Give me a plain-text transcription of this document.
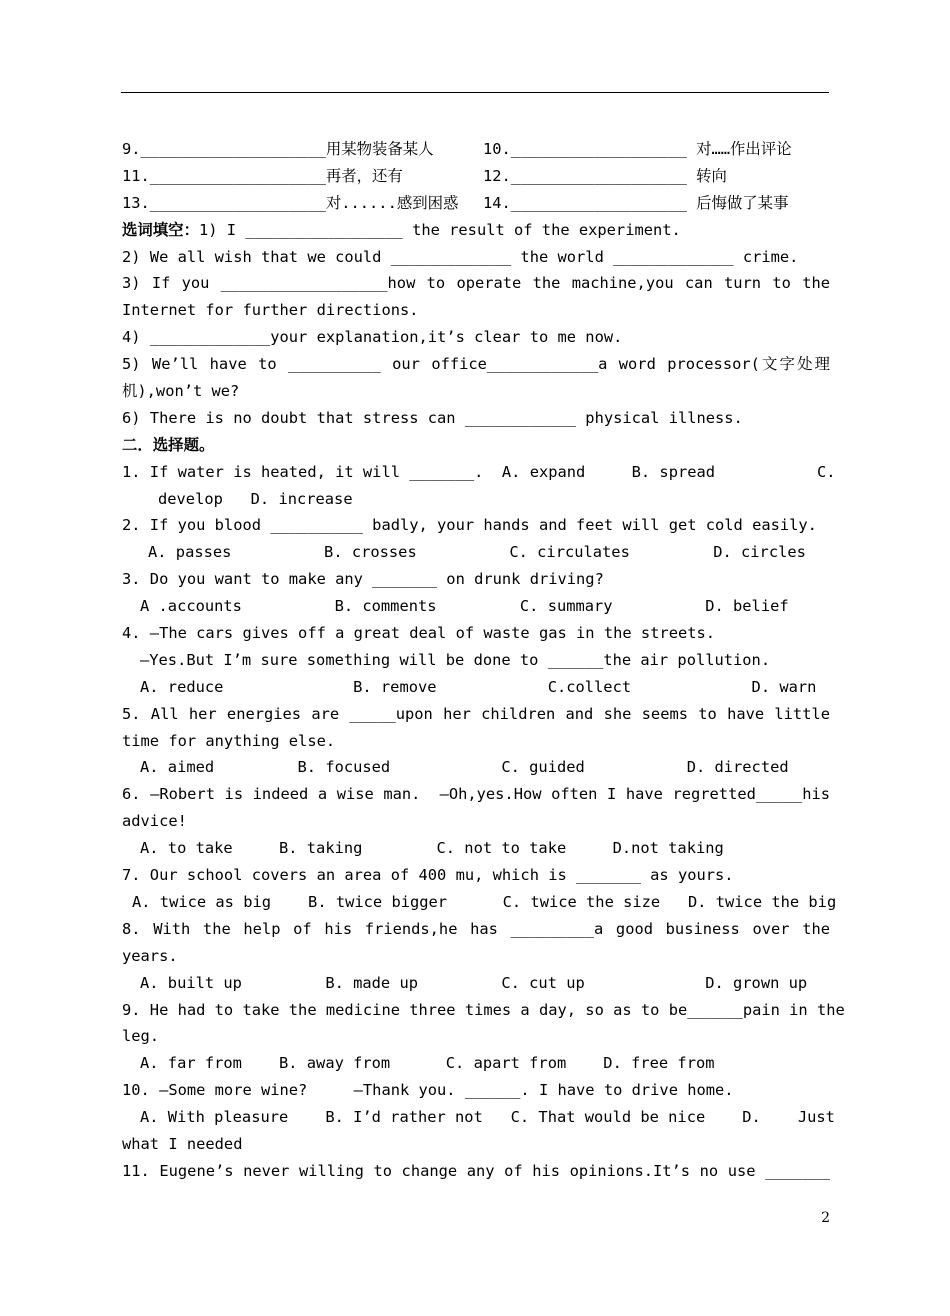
9.____________________用某物装备某人	10.___________________ 对……作出评论
11.___________________再者，还有	12.___________________ 转向
13.___________________对......感到困惑	14.___________________ 后悔做了某事
选词填空：1) I _________________ the result of the experiment.
2) We all wish that we could _____________ the world _____________ crime.
3) If you __________________how to operate the machine,you can turn to the
Internet for further directions.
4) _____________your explanation,it’s clear to me now.
5) We’ll have to __________ our office____________a word processor(文字处理
机),won’t we?
6) There is no doubt that stress can ____________ physical illness.
二．选择题。
1. If water is heated, it will _______.  A. expand     B. spread           C.
develop   D. increase
2. If you blood __________ badly, your hands and feet will get cold easily.
A. passes          B. crosses          C. circulates         D. circles
3. Do you want to make any _______ on drunk driving?
A .accounts          B. comments         C. summary          D. belief
4. —The cars gives off a great deal of waste gas in the streets.
—Yes.But I’m sure something will be done to ______the air pollution.
A. reduce              B. remove            C.collect             D. warn
5. All her energies are _____upon her children and she seems to have little
time for anything else.
A. aimed         B. focused            C. guided           D. directed
6. —Robert is indeed a wise man.  —Oh,yes.How often I have regretted_____his
advice!
A. to take     B. taking        C. not to take     D.not taking
7. Our school covers an area of 400 mu, which is _______ as yours.
A. twice as big    B. twice bigger      C. twice the size   D. twice the big
8. With the help of his friends,he has _________a good business over the
years.
A. built up         B. made up         C. cut up             D. grown up
9. He had to take the medicine three times a day, so as to be______pain in the
leg.
A. far from    B. away from      C. apart from    D. free from
10. —Some more wine?     —Thank you. ______. I have to drive home.
A. With pleasure    B. I’d rather not   C. That would be nice    D.    Just
what I needed
11. Eugene’s never willing to change any of his opinions.It’s no use _______
2
